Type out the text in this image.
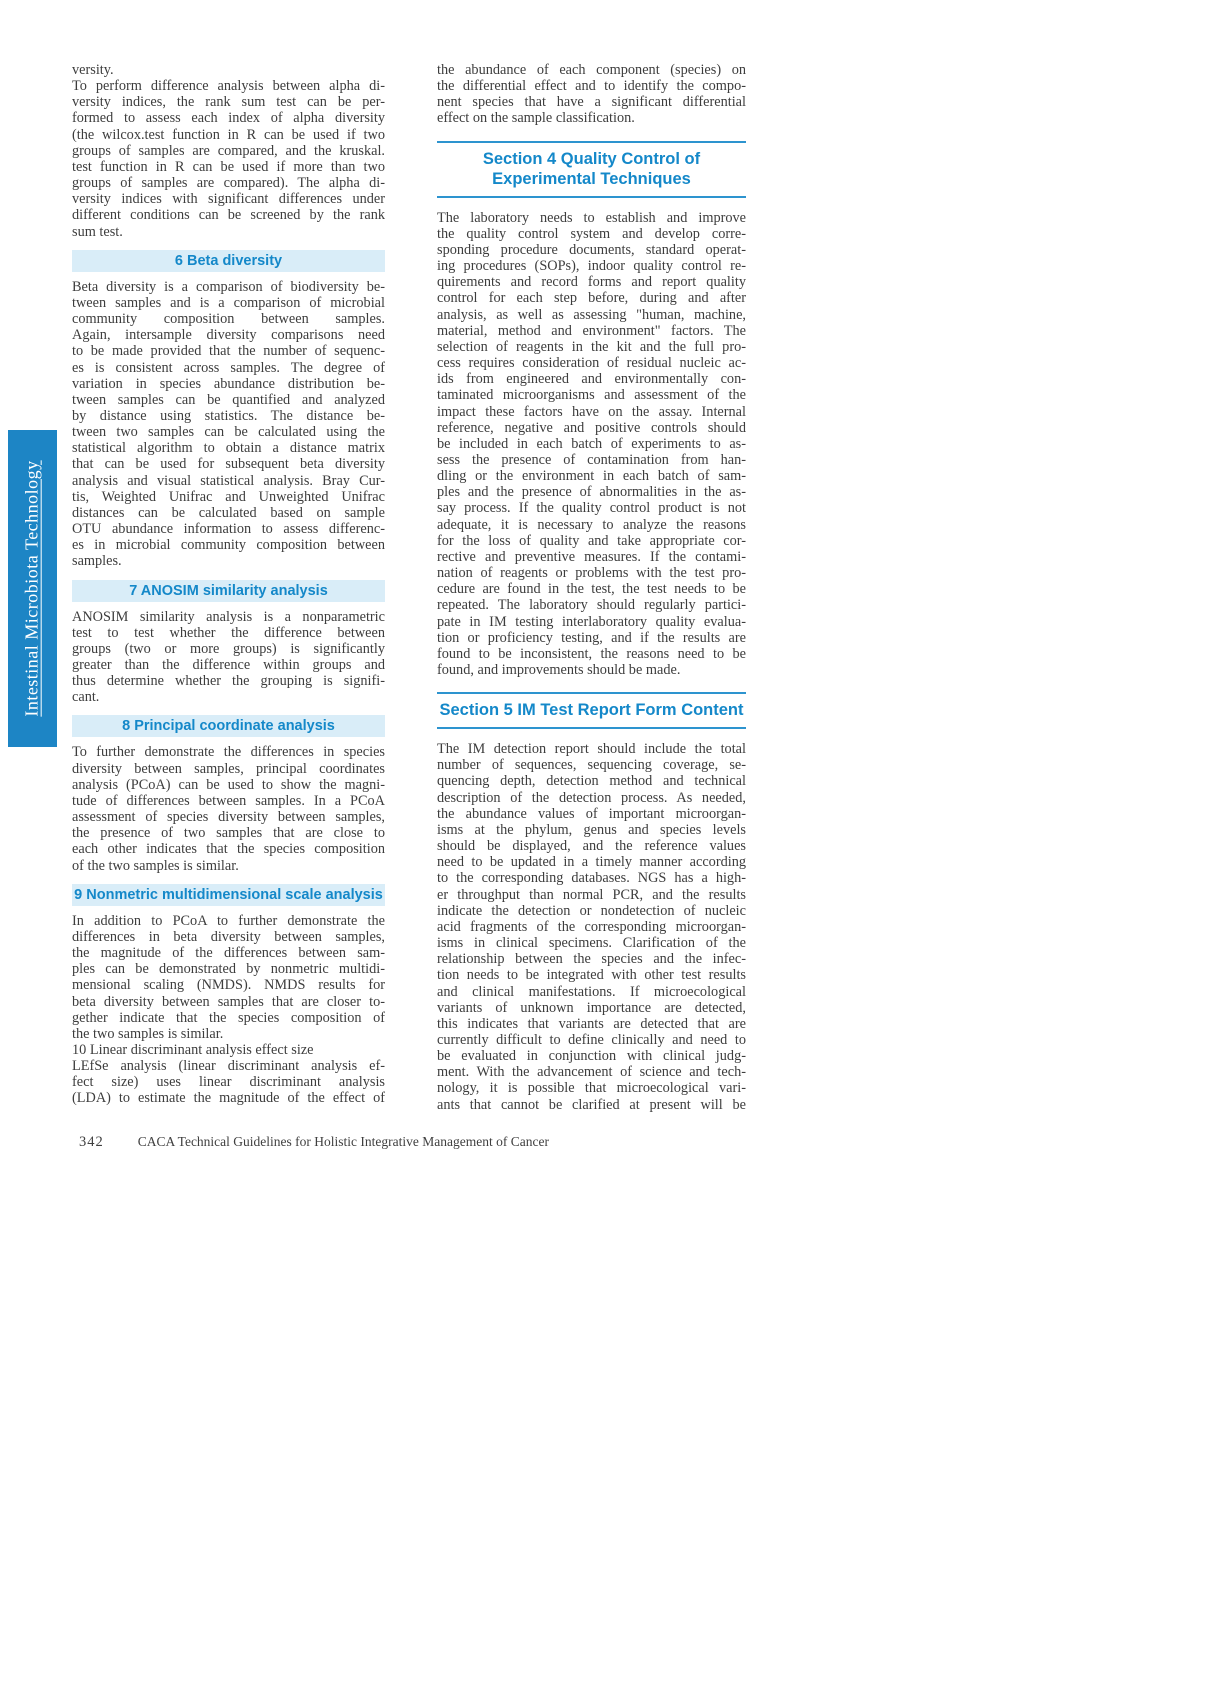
Intestinal Microbiota Technology
versity.
To perform difference analysis between alpha di-
versity indices, the rank sum test can be per-
formed to assess each index of alpha diversity
(the wilcox.test function in R can be used if two
groups of samples are compared, and the kruskal.
test function in R can be used if more than two
groups of samples are compared). The alpha di-
versity indices with significant differences under
different conditions can be screened by the rank
sum test.
6 Beta diversity
Beta diversity is a comparison of biodiversity be-
tween samples and is a comparison of microbial
community composition between samples.
Again, intersample diversity comparisons need
to be made provided that the number of sequenc-
es is consistent across samples. The degree of
variation in species abundance distribution be-
tween samples can be quantified and analyzed
by distance using statistics. The distance be-
tween two samples can be calculated using the
statistical algorithm to obtain a distance matrix
that can be used for subsequent beta diversity
analysis and visual statistical analysis. Bray Cur-
tis, Weighted Unifrac and Unweighted Unifrac
distances can be calculated based on sample
OTU abundance information to assess differenc-
es in microbial community composition between
samples.
7 ANOSIM similarity analysis
ANOSIM similarity analysis is a nonparametric
test to test whether the difference between
groups (two or more groups) is significantly
greater than the difference within groups and
thus determine whether the grouping is signifi-
cant.
8 Principal coordinate analysis
To further demonstrate the differences in species
diversity between samples, principal coordinates
analysis (PCoA) can be used to show the magni-
tude of differences between samples. In a PCoA
assessment of species diversity between samples,
the presence of two samples that are close to
each other indicates that the species composition
of the two samples is similar.
9 Nonmetric multidimensional scale analysis
In addition to PCoA to further demonstrate the
differences in beta diversity between samples,
the magnitude of the differences between sam-
ples can be demonstrated by nonmetric multidi-
mensional scaling (NMDS). NMDS results for
beta diversity between samples that are closer to-
gether indicate that the species composition of
the two samples is similar.
10 Linear discriminant analysis effect size
LEfSe analysis (linear discriminant analysis ef-
fect size) uses linear discriminant analysis
(LDA) to estimate the magnitude of the effect of
the abundance of each component (species) on
the differential effect and to identify the compo-
nent species that have a significant differential
effect on the sample classification.
Section 4 Quality Control of
Experimental Techniques
The laboratory needs to establish and improve
the quality control system and develop corre-
sponding procedure documents, standard operat-
ing procedures (SOPs), indoor quality control re-
quirements and record forms and report quality
control for each step before, during and after
analysis, as well as assessing "human, machine,
material, method and environment" factors. The
selection of reagents in the kit and the full pro-
cess requires consideration of residual nucleic ac-
ids from engineered and environmentally con-
taminated microorganisms and assessment of the
impact these factors have on the assay. Internal
reference, negative and positive controls should
be included in each batch of experiments to as-
sess the presence of contamination from han-
dling or the environment in each batch of sam-
ples and the presence of abnormalities in the as-
say process. If the quality control product is not
adequate, it is necessary to analyze the reasons
for the loss of quality and take appropriate cor-
rective and preventive measures. If the contami-
nation of reagents or problems with the test pro-
cedure are found in the test, the test needs to be
repeated. The laboratory should regularly partici-
pate in IM testing interlaboratory quality evalua-
tion or proficiency testing, and if the results are
found to be inconsistent, the reasons need to be
found, and improvements should be made.
Section 5 IM Test Report Form Content
The IM detection report should include the total
number of sequences, sequencing coverage, se-
quencing depth, detection method and technical
description of the detection process. As needed,
the abundance values of important microorgan-
isms at the phylum, genus and species levels
should be displayed, and the reference values
need to be updated in a timely manner according
to the corresponding databases. NGS has a high-
er throughput than normal PCR, and the results
indicate the detection or nondetection of nucleic
acid fragments of the corresponding microorgan-
isms in clinical specimens. Clarification of the
relationship between the species and the infec-
tion needs to be integrated with other test results
and clinical manifestations. If microecological
variants of unknown importance are detected,
this indicates that variants are detected that are
currently difficult to define clinically and need to
be evaluated in conjunction with clinical judg-
ment. With the advancement of science and tech-
nology, it is possible that microecological vari-
ants that cannot be clarified at present will be
342	CACA Technical Guidelines for Holistic Integrative Management of Cancer
